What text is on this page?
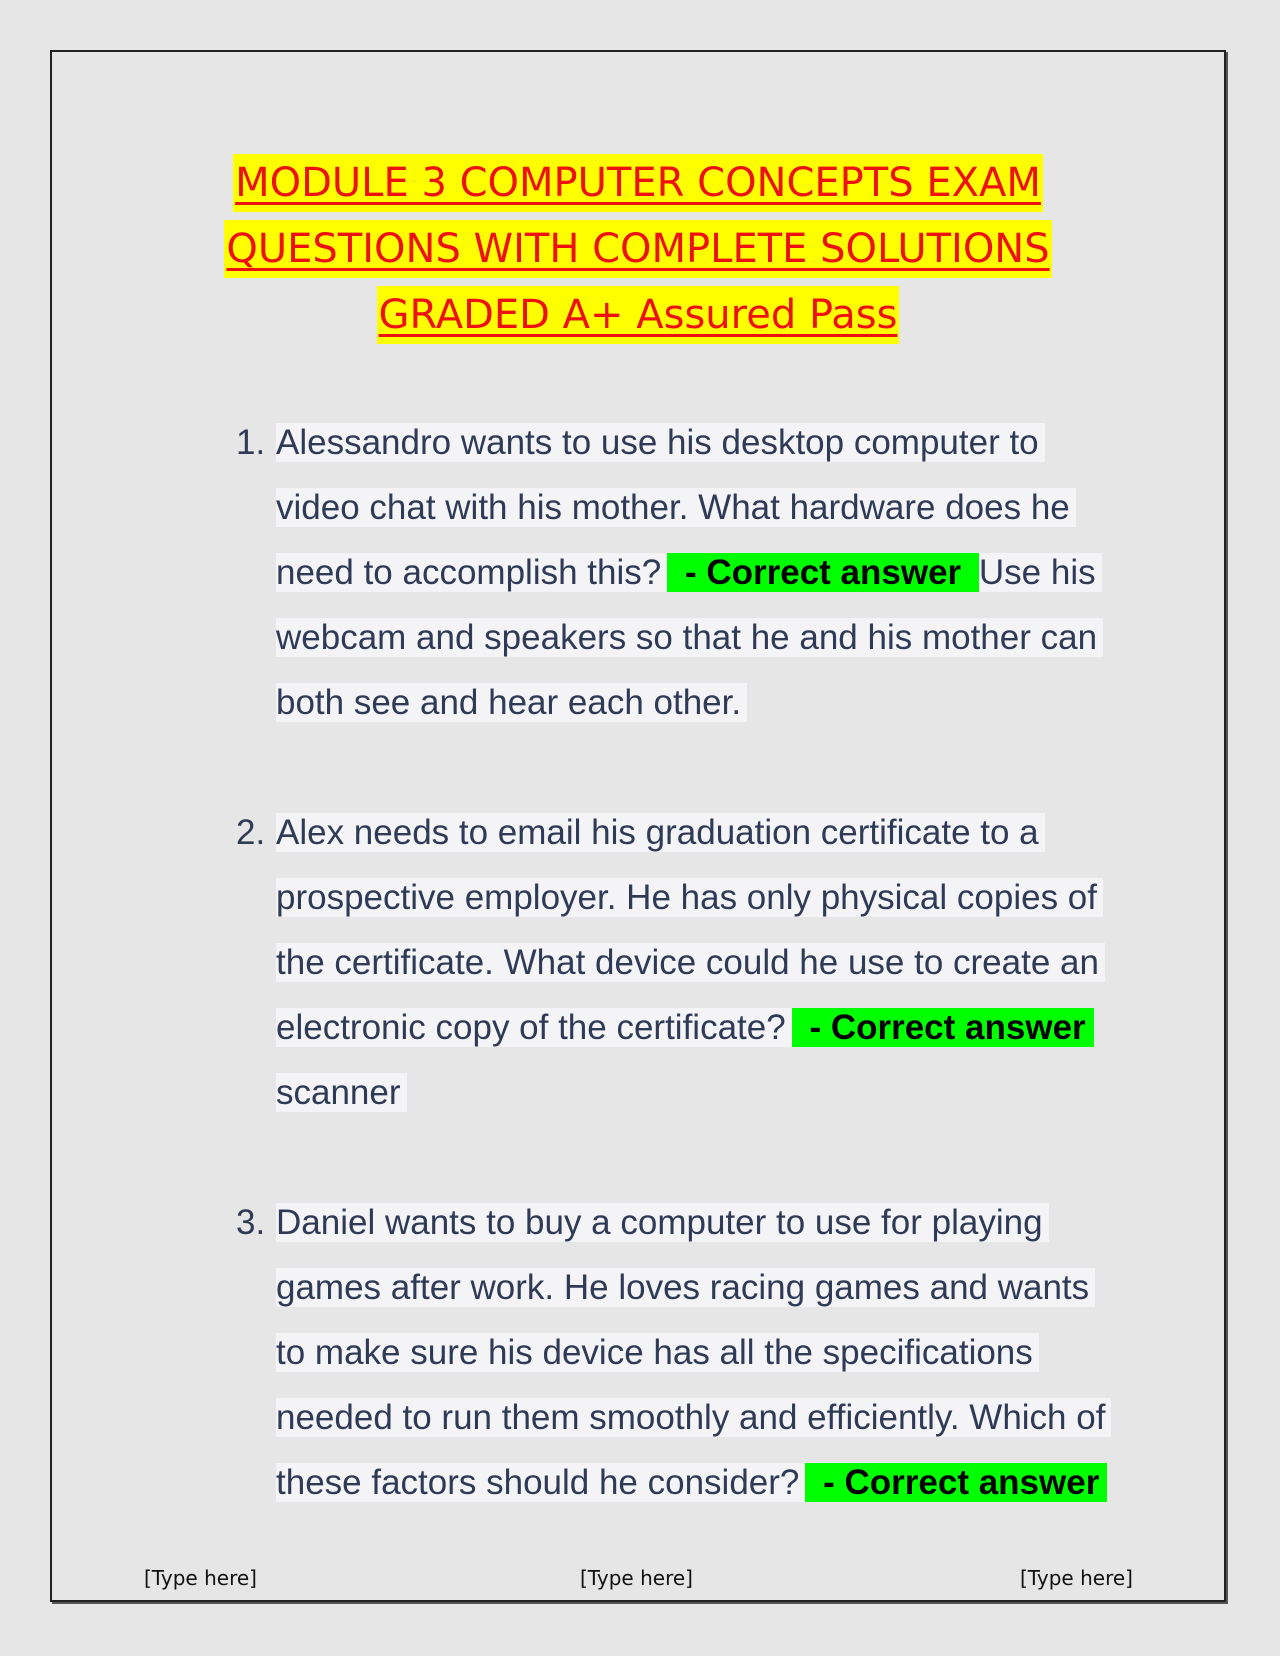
MODULE 3 COMPUTER CONCEPTS EXAM
QUESTIONS WITH COMPLETE SOLUTIONS
GRADED A+ Assured Pass
1. Alessandro wants to use his desktop computer to video chat with his mother. What hardware does he need to accomplish this? - Correct answer Use his webcam and speakers so that he and his mother can both see and hear each other.
2. Alex needs to email his graduation certificate to a prospective employer. He has only physical copies of the certificate. What device could he use to create an electronic copy of the certificate? - Correct answer scanner
3. Daniel wants to buy a computer to use for playing games after work. He loves racing games and wants to make sure his device has all the specifications needed to run them smoothly and efficiently. Which of these factors should he consider? - Correct answer
[Type here]	[Type here]	[Type here]
